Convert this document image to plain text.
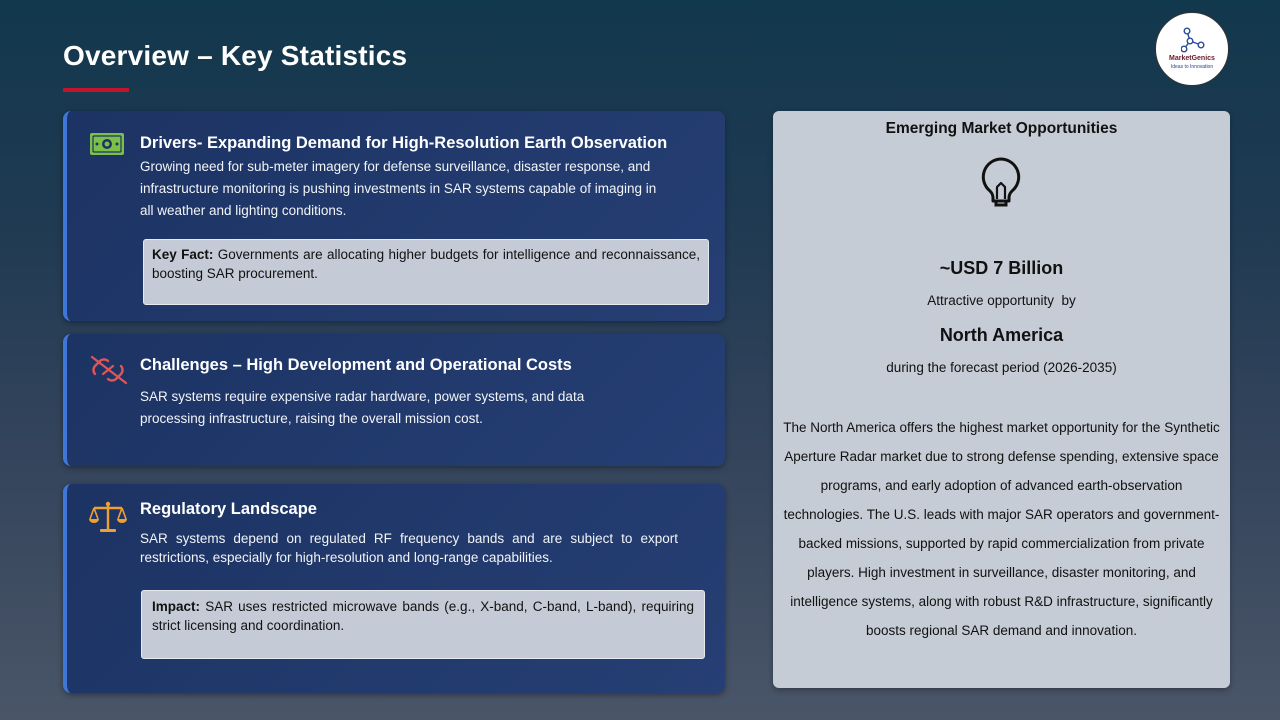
Overview – Key Statistics	MarketGenics
Ideas to Innovation
Drivers- Expanding Demand for High-Resolution Earth Observation
Growing need for sub-meter imagery for defense surveillance, disaster response, and infrastructure monitoring is pushing investments in SAR systems capable of imaging in all weather and lighting conditions.
Key Fact: Governments are allocating higher budgets for intelligence and reconnaissance, boosting SAR procurement.
Challenges – High Development and Operational Costs
SAR systems require expensive radar hardware, power systems, and data processing infrastructure, raising the overall mission cost.
Regulatory Landscape
SAR systems depend on regulated RF frequency bands and are subject to export restrictions, especially for high-resolution and long-range capabilities.
Impact: SAR uses restricted microwave bands (e.g., X-band, C-band, L-band), requiring strict licensing and coordination.
Emerging Market Opportunities
~USD 7 Billion
Attractive opportunity  by
North America
during the forecast period (2026-2035)
The North America offers the highest market opportunity for the Synthetic Aperture Radar market due to strong defense spending, extensive space programs, and early adoption of advanced earth-observation technologies. The U.S. leads with major SAR operators and government-backed missions, supported by rapid commercialization from private players. High investment in surveillance, disaster monitoring, and intelligence systems, along with robust R&D infrastructure, significantly boosts regional SAR demand and innovation.
